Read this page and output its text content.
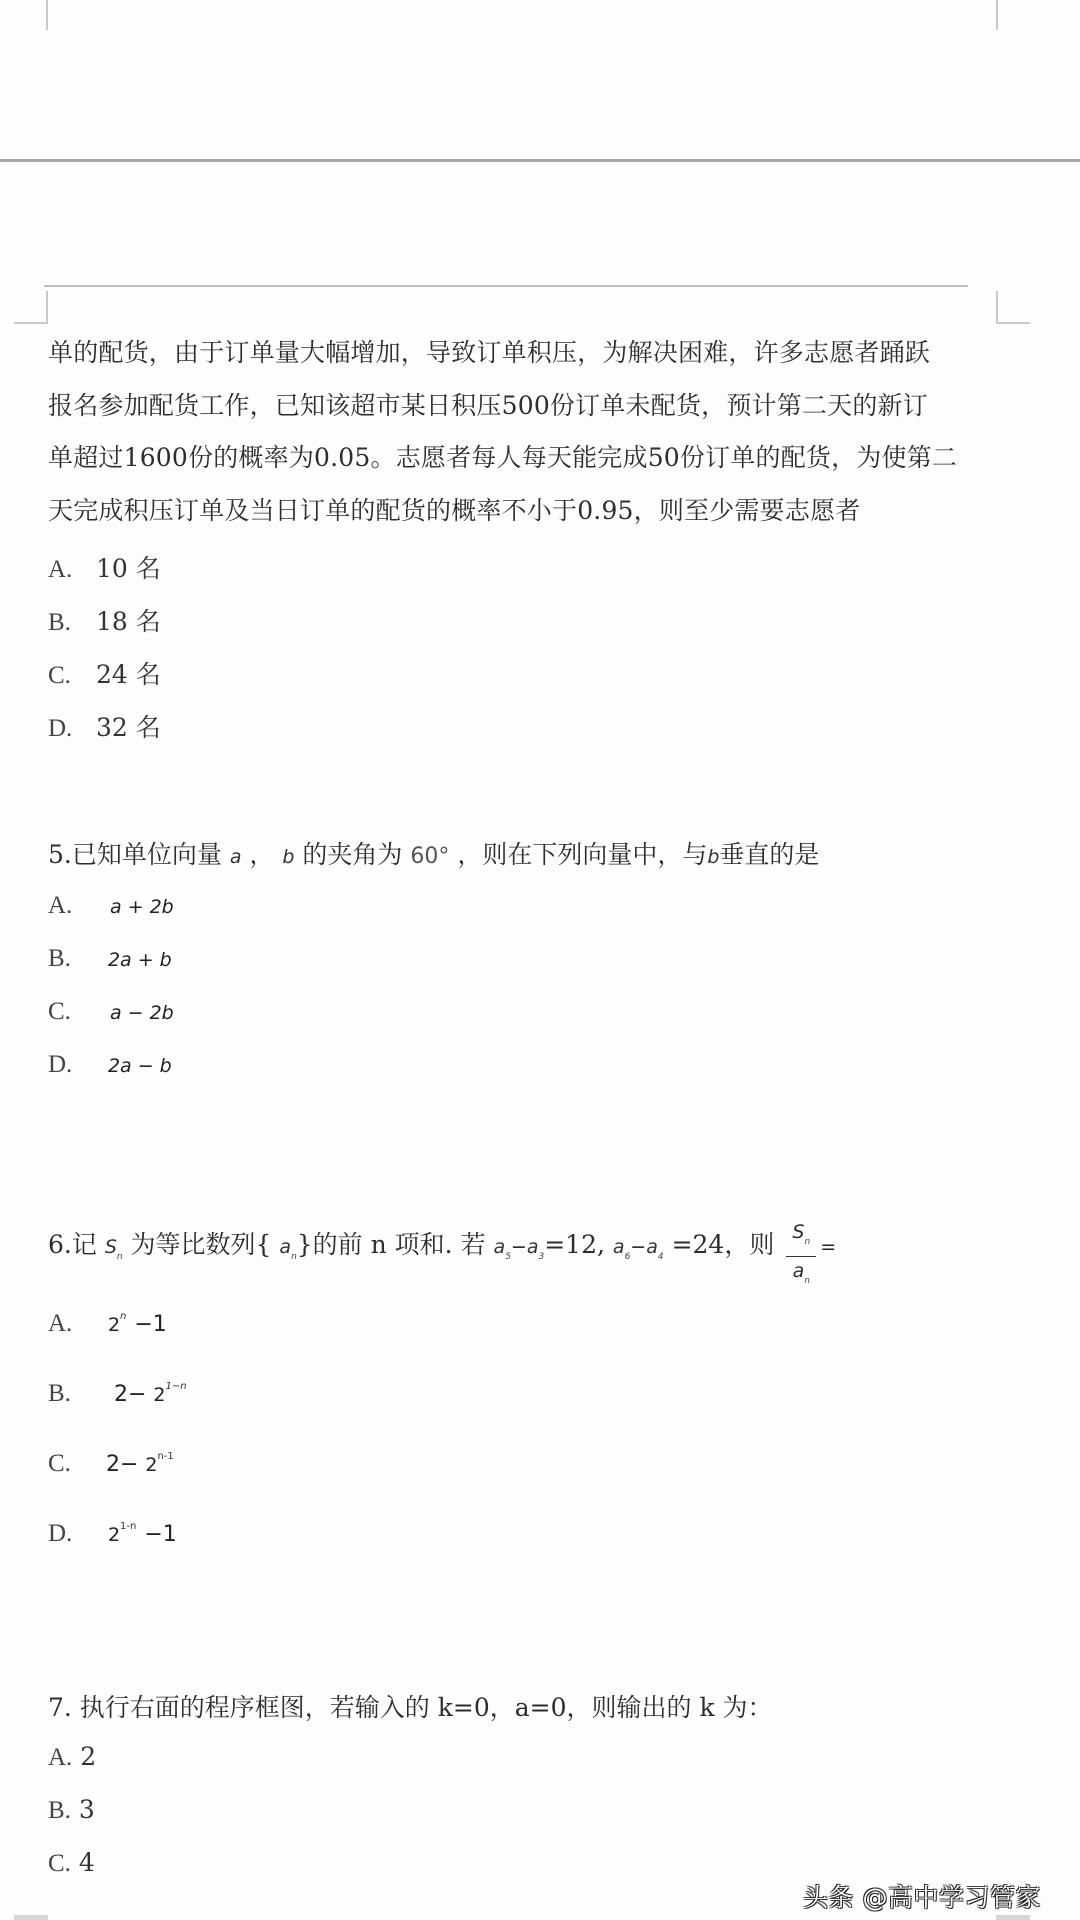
单的配货，由于订单量大幅增加，导致订单积压，为解决困难，许多志愿者踊跃
报名参加配货工作，已知该超市某日积压500份订单未配货，预计第二天的新订
单超过1600份的概率为0.05。志愿者每人每天能完成50份订单的配货，为使第二
天完成积压订单及当日订单的配货的概率不小于0.95，则至少需要志愿者
A. 10 名
B. 18 名
C. 24 名
D. 32 名
5.已知单位向量 a ， b 的夹角为 60° ，则在下列向量中，与b垂直的是
A. a + 2b
B. 2a + b
C. a − 2b
D. 2a − b
6.记 $S_n$ 为等比数列{ $a_n$}的前 n 项和. 若 $a_5-a_3=12$, $a_6-a_4 =24$，则 $\frac{S_n}{a_n}$ =
A. $2^n -1$
B. $2- 2^{1-n}$
C. $2- 2^{n-1}$
D. $2^{1-n} -1$
7. 执行右面的程序框图，若输入的 k=0，a=0，则输出的 k 为：
A. 2
B. 3
C. 4
头条 @高中学习管家
